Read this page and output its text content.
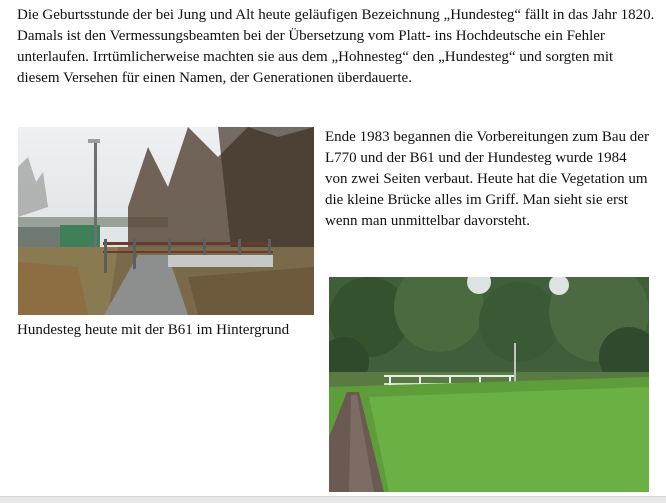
Die Geburtsstunde der bei Jung und Alt heute geläufigen Bezeichnung „Hundesteg“ fällt in das Jahr 1820. Damals ist den Vermessungsbeamten bei der Übersetzung vom Platt- ins Hochdeutsche ein Fehler unterlaufen. Irrtümlicherweise machten sie aus dem „Hohnesteg“ den „Hundesteg“ und sorgten mit diesem Versehen für einen Namen, der Generationen überdauerte.

Ende 1983 begannen die Vorbereitungen zum Bau der L770 und der B61 und der Hundesteg wurde 1984 von zwei Seiten verbaut. Heute hat die Vegetation um die kleine Brücke alles im Griff. Man sieht sie erst wenn man unmittelbar davorsteht.

Hundesteg heute mit der B61 im Hintergrund
